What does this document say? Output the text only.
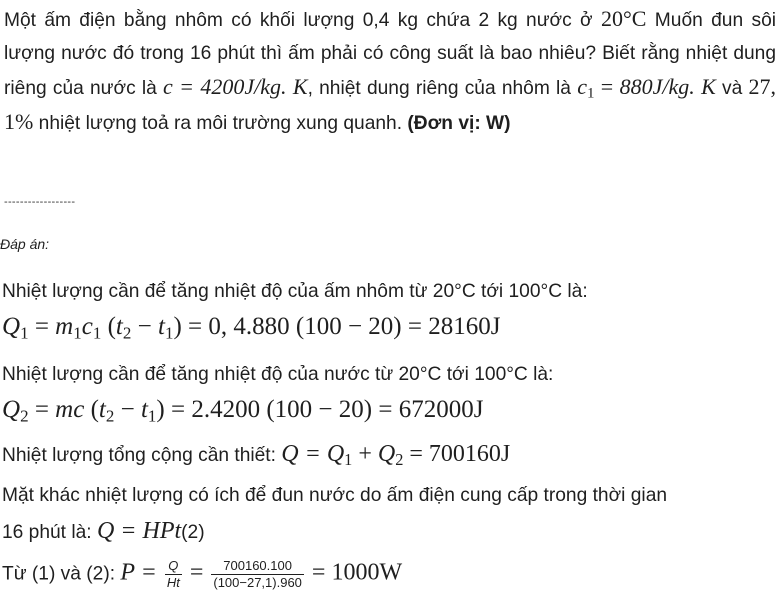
Một ấm điện bằng nhôm có khối lượng 0,4 kg chứa 2 kg nước ở 20°C Muốn đun sôi lượng nước đó trong 16 phút thì ấm phải có công suất là bao nhiêu? Biết rằng nhiệt dung riêng của nước là c = 4200J/kg. K, nhiệt dung riêng của nhôm là $c_1 = 880J/kg$. K và 27, 1% nhiệt lượng toả ra môi trường xung quanh. (Đơn vị: W)
------------------
Đáp án:
Nhiệt lượng cần để tăng nhiệt độ của ấm nhôm từ 20°C tới 100°C là:
$Q_1 = m_1c_1$ $(t_2 - t_1) = 0$, 4.880 (100 − 20) = 28160J
Nhiệt lượng cần để tăng nhiệt độ của nước từ 20°C tới 100°C là:
$Q_2$ = mc $(t_2 - t_1) = 2.4200$ (100 − 20) = 672000J
Nhiệt lượng tổng cộng cần thiết: $Q = Q_1 + Q_2 = 700160J$
Mặt khác nhiệt lượng có ích để đun nước do ấm điện cung cấp trong thời gian
16 phút là: Q = HPt(2)
Từ (1) và (2): $P = \frac{Q}{Ht} = \frac{700160.100}{(100-27,1).960} = 1000W$
